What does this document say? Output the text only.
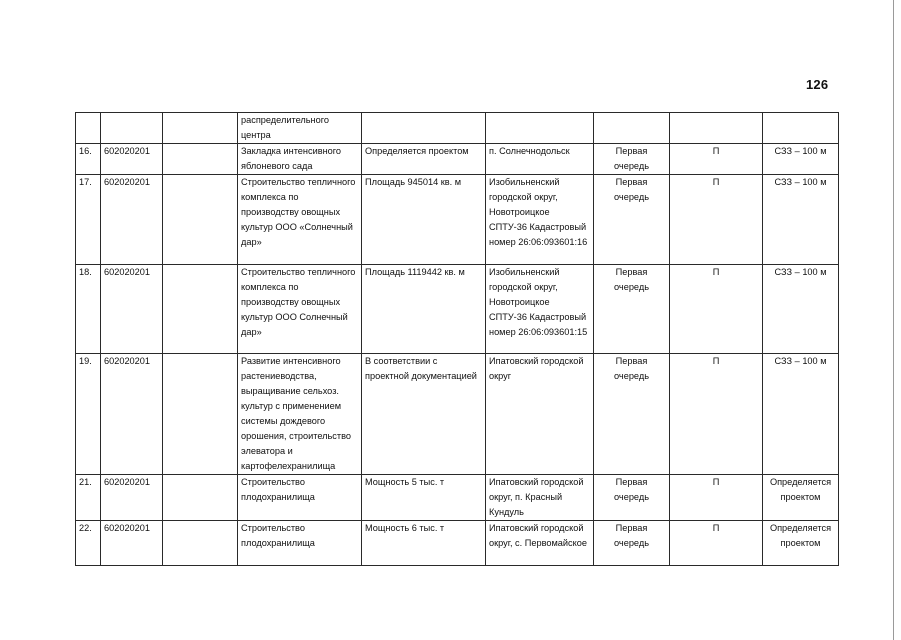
126
			распределительного центра					
16.	602020201		Закладка интенсивного яблоневого сада	Определяется проектом	п. Солнечнодольск	Первая очередь	П	СЗЗ – 100 м
17.	602020201		Строительство тепличного комплекса по производству овощных культур ООО «Солнечный дар»	Площадь 945014 кв. м	Изобильненский городской округ, Новотроицкое СПТУ-36 Кадастровый номер 26:06:093601:16	Первая очередь	П	СЗЗ – 100 м
18.	602020201		Строительство тепличного комплекса по производству овощных культур ООО Солнечный дар»	Площадь 1119442 кв. м	Изобильненский городской округ, Новотроицкое СПТУ-36 Кадастровый номер 26:06:093601:15	Первая очередь	П	СЗЗ – 100 м
19.	602020201		Развитие интенсивного растениеводства, выращивание сельхоз. культур с применением системы дождевого орошения, строительство элеватора и картофелехранилища	В соответствии с проектной документацией	Ипатовский городской округ	Первая очередь	П	СЗЗ – 100 м
21.	602020201		Строительство плодохранилища	Мощность 5 тыс. т	Ипатовский городской округ, п. Красный Кундуль	Первая очередь	П	Определяется проектом
22.	602020201		Строительство плодохранилища	Мощность 6 тыс. т	Ипатовский городской округ, с. Первомайское	Первая очередь	П	Определяется проектом
